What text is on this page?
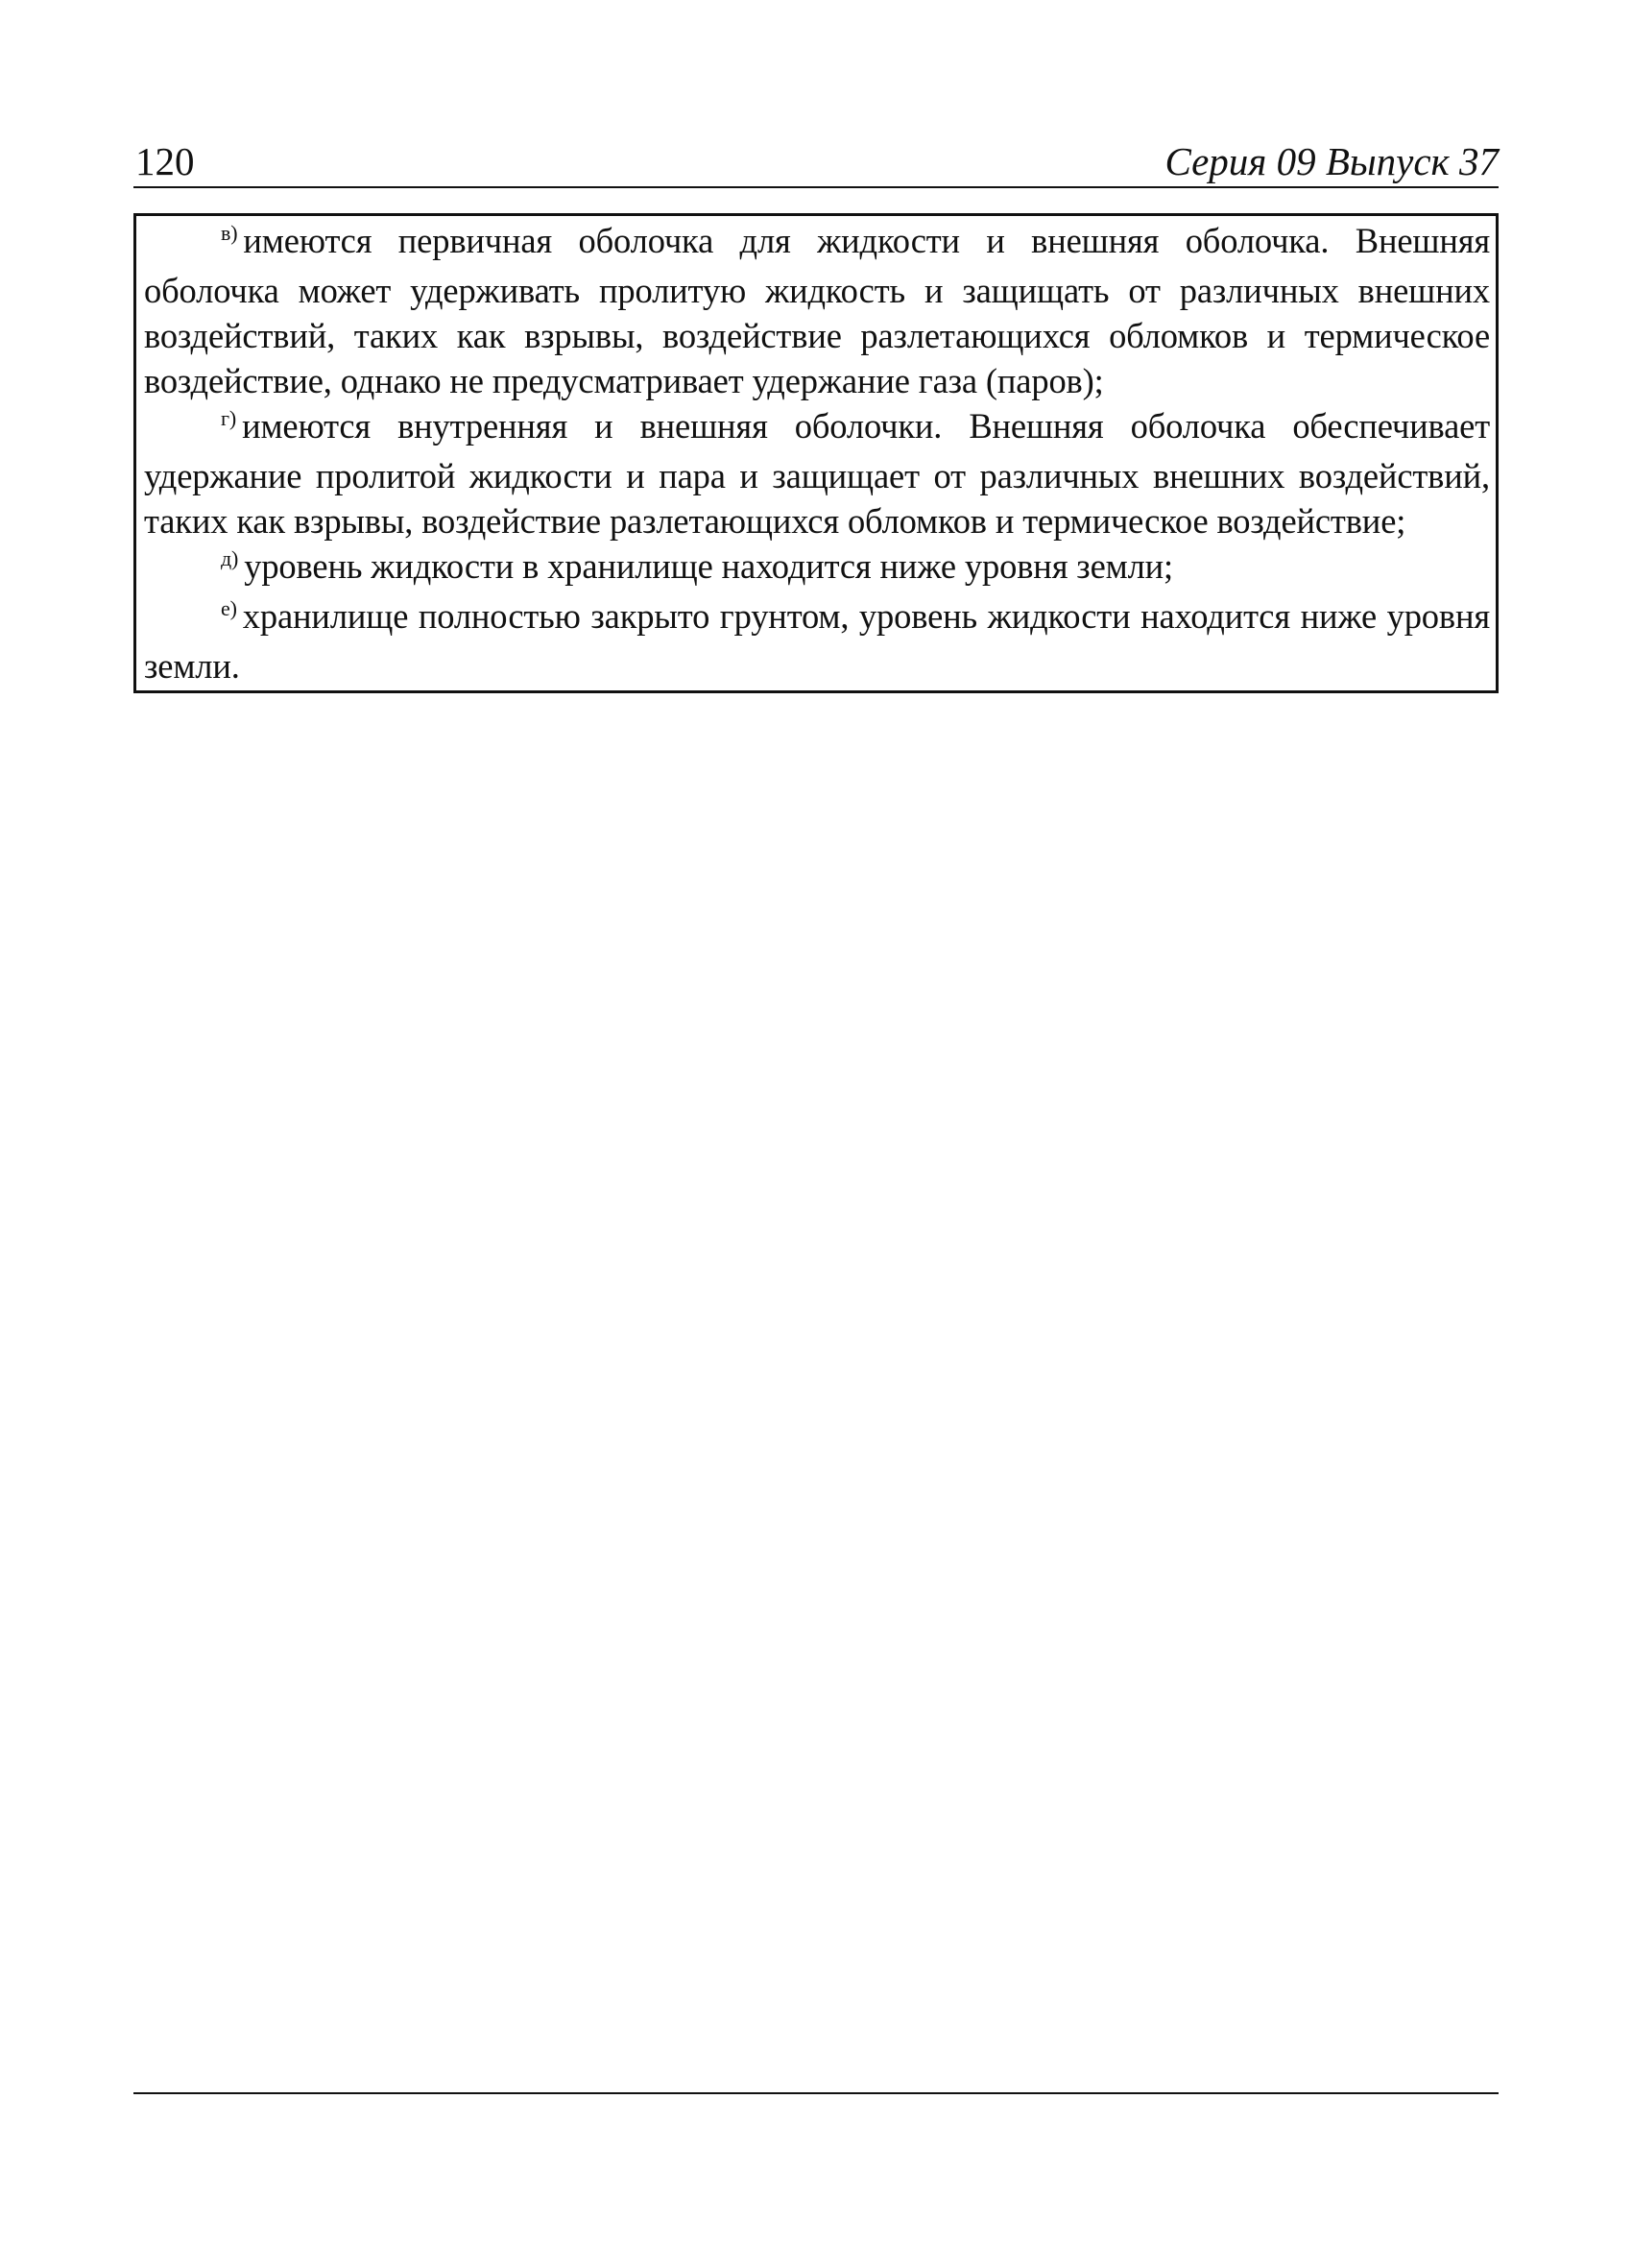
120	Серия 09 Выпуск 37

$^{в)}$ имеются первичная оболочка для жидкости и внешняя оболочка. Внешняя оболочка может удерживать пролитую жидкость и защищать от различных внешних воздействий, таких как взрывы, воздействие разлетающихся обломков и термическое воздействие, однако не предусматривает удержание газа (паров);

$^{г)}$ имеются внутренняя и внешняя оболочки. Внешняя оболочка обеспечивает удержание пролитой жидкости и пара и защищает от различных внешних воздействий, таких как взрывы, воздействие разлетающихся обломков и термическое воздействие;

$^{д)}$ уровень жидкости в хранилище находится ниже уровня земли;

$^{е)}$ хранилище полностью закрыто грунтом, уровень жидкости находится ниже уровня земли.
